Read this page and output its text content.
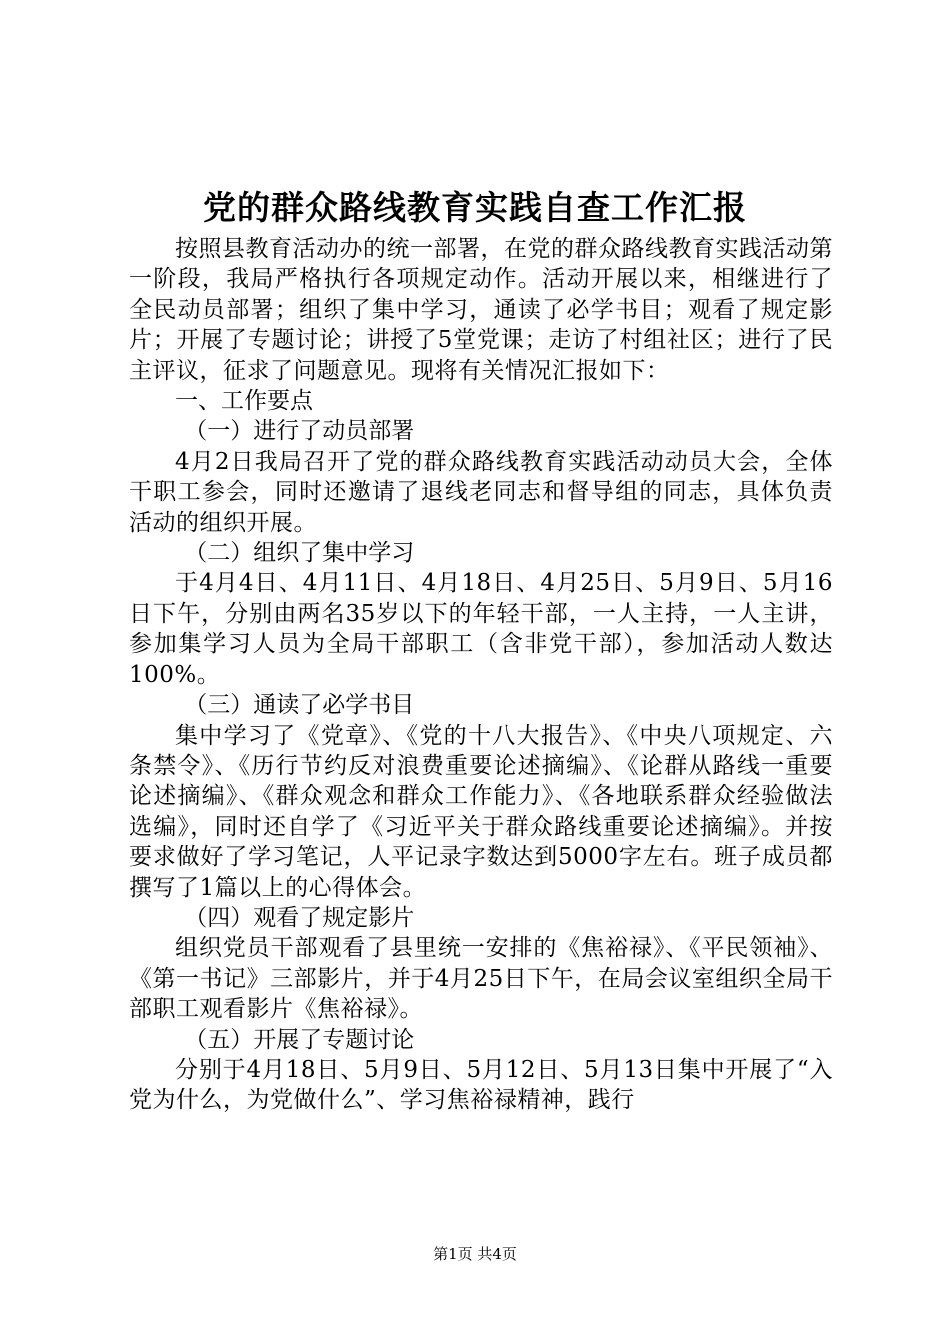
党的群众路线教育实践自查工作汇报

按照县教育活动办的统一部署，在党的群众路线教育实践活动第一阶段，我局严格执行各项规定动作。活动开展以来，相继进行了全民动员部署；组织了集中学习，通读了必学书目；观看了规定影片；开展了专题讨论；讲授了5堂党课；走访了村组社区；进行了民主评议，征求了问题意见。现将有关情况汇报如下：

一、工作要点
（一）进行了动员部署

4月2日我局召开了党的群众路线教育实践活动动员大会，全体干职工参会，同时还邀请了退线老同志和督导组的同志，具体负责活动的组织开展。

（二）组织了集中学习

于4月4日、4月11日、4月18日、4月25日、5月9日、5月16日下午，分别由两名35岁以下的年轻干部，一人主持，一人主讲，参加集学习人员为全局干部职工（含非党干部），参加活动人数达100%。

（三）通读了必学书目

集中学习了《党章》、《党的十八大报告》、《中央八项规定、六条禁令》、《历行节约反对浪费重要论述摘编》、《论群从路线一重要论述摘编》、《群众观念和群众工作能力》、《各地联系群众经验做法选编》，同时还自学了《习近平关于群众路线重要论述摘编》。并按要求做好了学习笔记，人平记录字数达到5000字左右。班子成员都撰写了1篇以上的心得体会。

（四）观看了规定影片

组织党员干部观看了县里统一安排的《焦裕禄》、《平民领袖》、《第一书记》三部影片，并于4月25日下午，在局会议室组织全局干部职工观看影片《焦裕禄》。

（五）开展了专题讨论

分别于4月18日、5月9日、5月12日、5月13日集中开展了“入党为什么，为党做什么”、学习焦裕禄精神，践行

第1页 共4页
